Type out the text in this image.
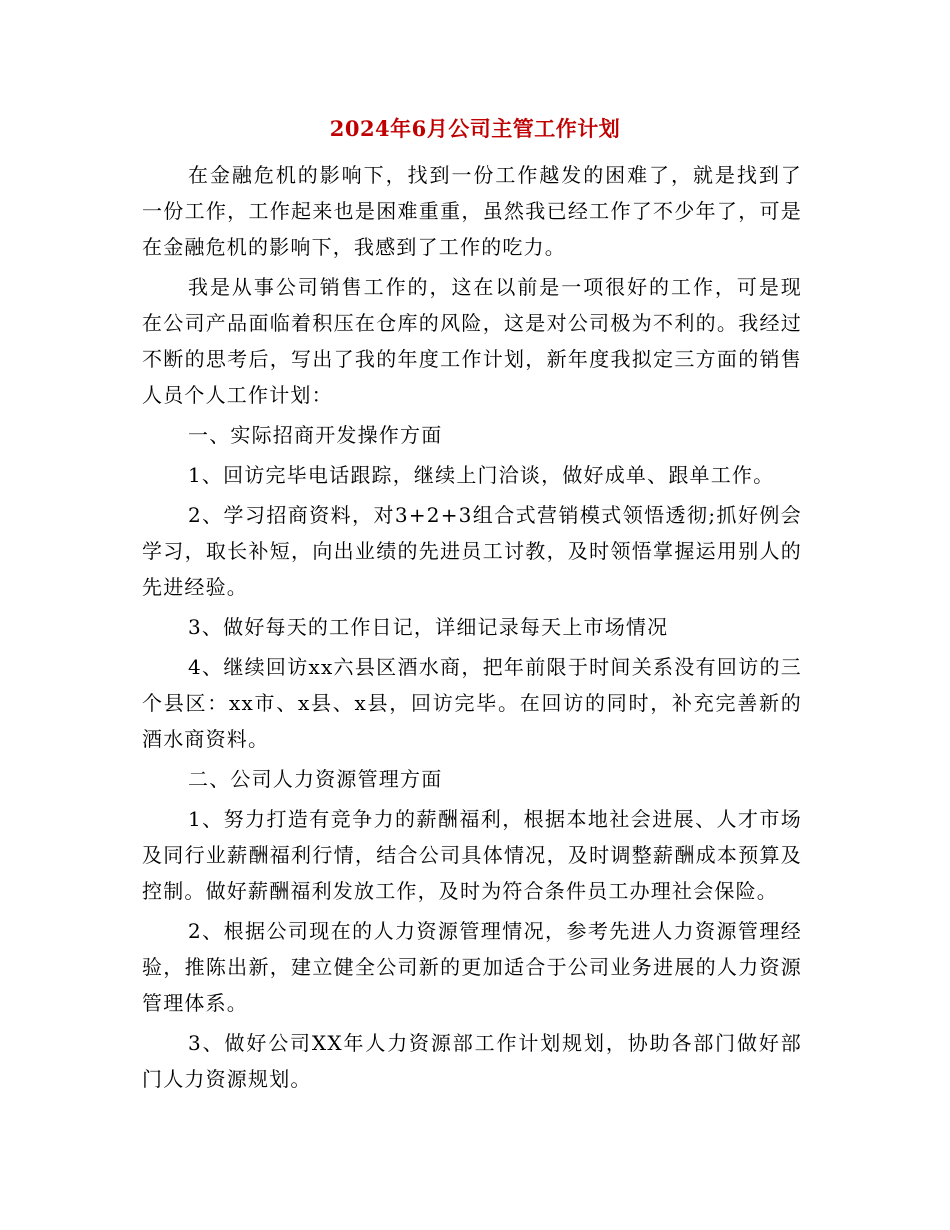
2024年6月公司主管工作计划

在金融危机的影响下，找到一份工作越发的困难了，就是找到了一份工作，工作起来也是困难重重，虽然我已经工作了不少年了，可是在金融危机的影响下，我感到了工作的吃力。

我是从事公司销售工作的，这在以前是一项很好的工作，可是现在公司产品面临着积压在仓库的风险，这是对公司极为不利的。我经过不断的思考后，写出了我的年度工作计划，新年度我拟定三方面的销售人员个人工作计划：

一、实际招商开发操作方面

1、回访完毕电话跟踪，继续上门洽谈，做好成单、跟单工作。

2、学习招商资料，对3+2+3组合式营销模式领悟透彻;抓好例会学习，取长补短，向出业绩的先进员工讨教，及时领悟掌握运用别人的先进经验。

3、做好每天的工作日记，详细记录每天上市场情况

4、继续回访xx六县区酒水商，把年前限于时间关系没有回访的三个县区：xx市、x县、x县，回访完毕。在回访的同时，补充完善新的酒水商资料。

二、公司人力资源管理方面

1、努力打造有竞争力的薪酬福利，根据本地社会进展、人才市场及同行业薪酬福利行情，结合公司具体情况，及时调整薪酬成本预算及控制。做好薪酬福利发放工作，及时为符合条件员工办理社会保险。

2、根据公司现在的人力资源管理情况，参考先进人力资源管理经验，推陈出新，建立健全公司新的更加适合于公司业务进展的人力资源管理体系。

3、做好公司XX年人力资源部工作计划规划，协助各部门做好部门人力资源规划。
